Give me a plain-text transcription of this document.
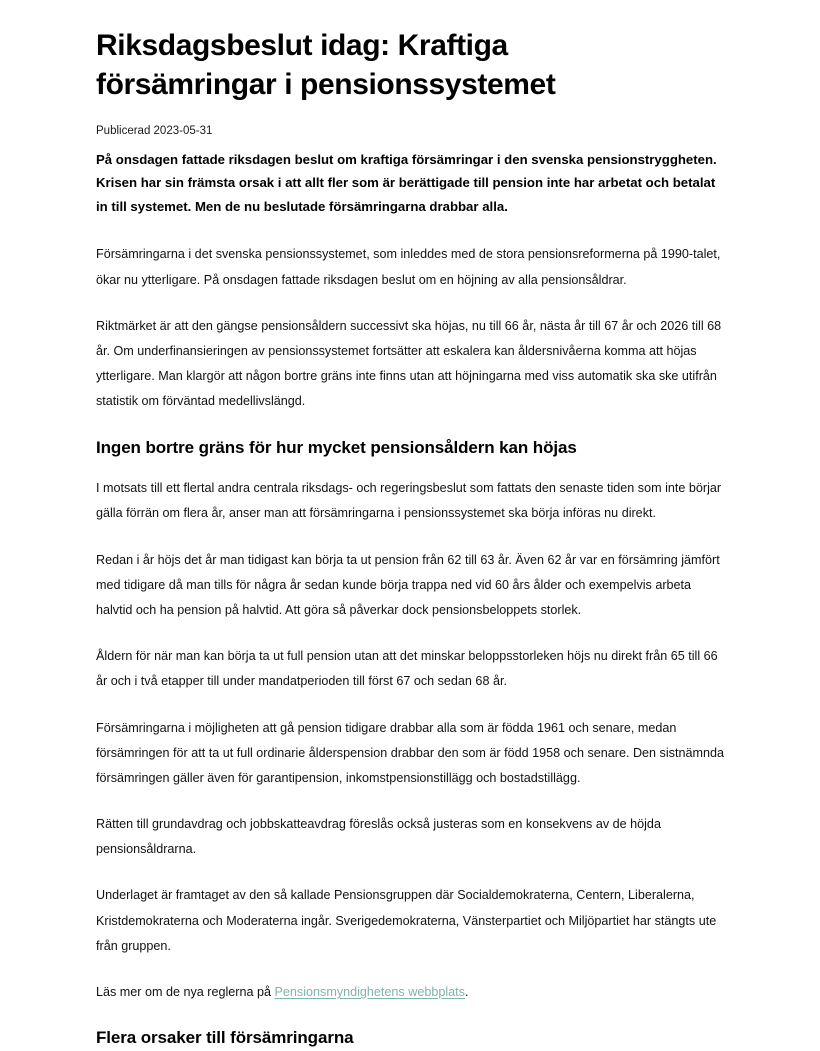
Riksdagsbeslut idag: Kraftiga försämringar i pensionssystemet
Publicerad 2023-05-31

På onsdagen fattade riksdagen beslut om kraftiga försämringar i den svenska pensionstryggheten. Krisen har sin främsta orsak i att allt fler som är berättigade till pension inte har arbetat och betalat in till systemet. Men de nu beslutade försämringarna drabbar alla.

Försämringarna i det svenska pensionssystemet, som inleddes med de stora pensionsreformerna på 1990-talet, ökar nu ytterligare. På onsdagen fattade riksdagen beslut om en höjning av alla pensionsåldrar.

Riktmärket är att den gängse pensionsåldern successivt ska höjas, nu till 66 år, nästa år till 67 år och 2026 till 68 år. Om underfinansieringen av pensionssystemet fortsätter att eskalera kan åldersnivåerna komma att höjas ytterligare. Man klargör att någon bortre gräns inte finns utan att höjningarna med viss automatik ska ske utifrån statistik om förväntad medellivslängd.

Ingen bortre gräns för hur mycket pensionsåldern kan höjas

I motsats till ett flertal andra centrala riksdags- och regeringsbeslut som fattats den senaste tiden som inte börjar gälla förrän om flera år, anser man att försämringarna i pensionssystemet ska börja införas nu direkt.

Redan i år höjs det år man tidigast kan börja ta ut pension från 62 till 63 år. Även 62 år var en försämring jämfört med tidigare då man tills för några år sedan kunde börja trappa ned vid 60 års ålder och exempelvis arbeta halvtid och ha pension på halvtid. Att göra så påverkar dock pensionsbeloppets storlek.

Åldern för när man kan börja ta ut full pension utan att det minskar beloppsstorleken höjs nu direkt från 65 till 66 år och i två etapper till under mandatperioden till först 67 och sedan 68 år.

Försämringarna i möjligheten att gå pension tidigare drabbar alla som är födda 1961 och senare, medan försämringen för att ta ut full ordinarie ålderspension drabbar den som är född 1958 och senare. Den sistnämnda försämringen gäller även för garantipension, inkomstpensionstillägg och bostadstillägg.

Rätten till grundavdrag och jobbskatteavdrag föreslås också justeras som en konsekvens av de höjda pensionsåldrarna.

Underlaget är framtaget av den så kallade Pensionsgruppen där Socialdemokraterna, Centern, Liberalerna, Kristdemokraterna och Moderaterna ingår. Sverigedemokraterna, Vänsterpartiet och Miljöpartiet har stängts ute från gruppen.

Läs mer om de nya reglerna på Pensionsmyndighetens webbplats.

Flera orsaker till försämringarna
